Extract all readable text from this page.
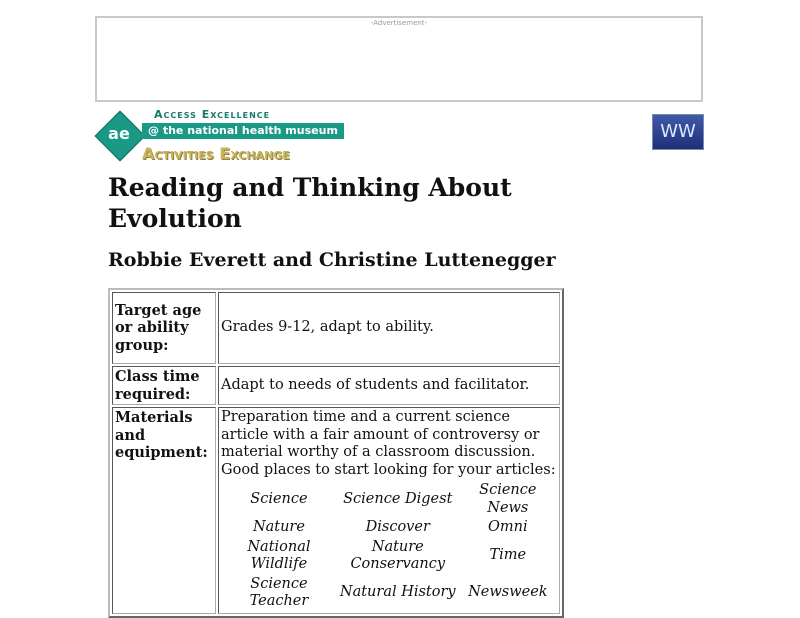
-Advertisement-
ae
Access Excellence
@ the national health museum
Activities Exchange
WW
Reading and Thinking About Evolution
Robbie Everett and Christine Luttenegger
Target age or ability group:	Grades 9-12, adapt to ability.
Class time required:	Adapt to needs of students and facilitator.
Materials and equipment:	
Preparation time and a current science article with a fair amount of controversy or material worthy of a classroom discussion. Good places to start looking for your articles:
Science	Science Digest	Science News
Nature	Discover	Omni
National Wildlife	Nature Conservancy	Time
Science Teacher	Natural History	Newsweek
